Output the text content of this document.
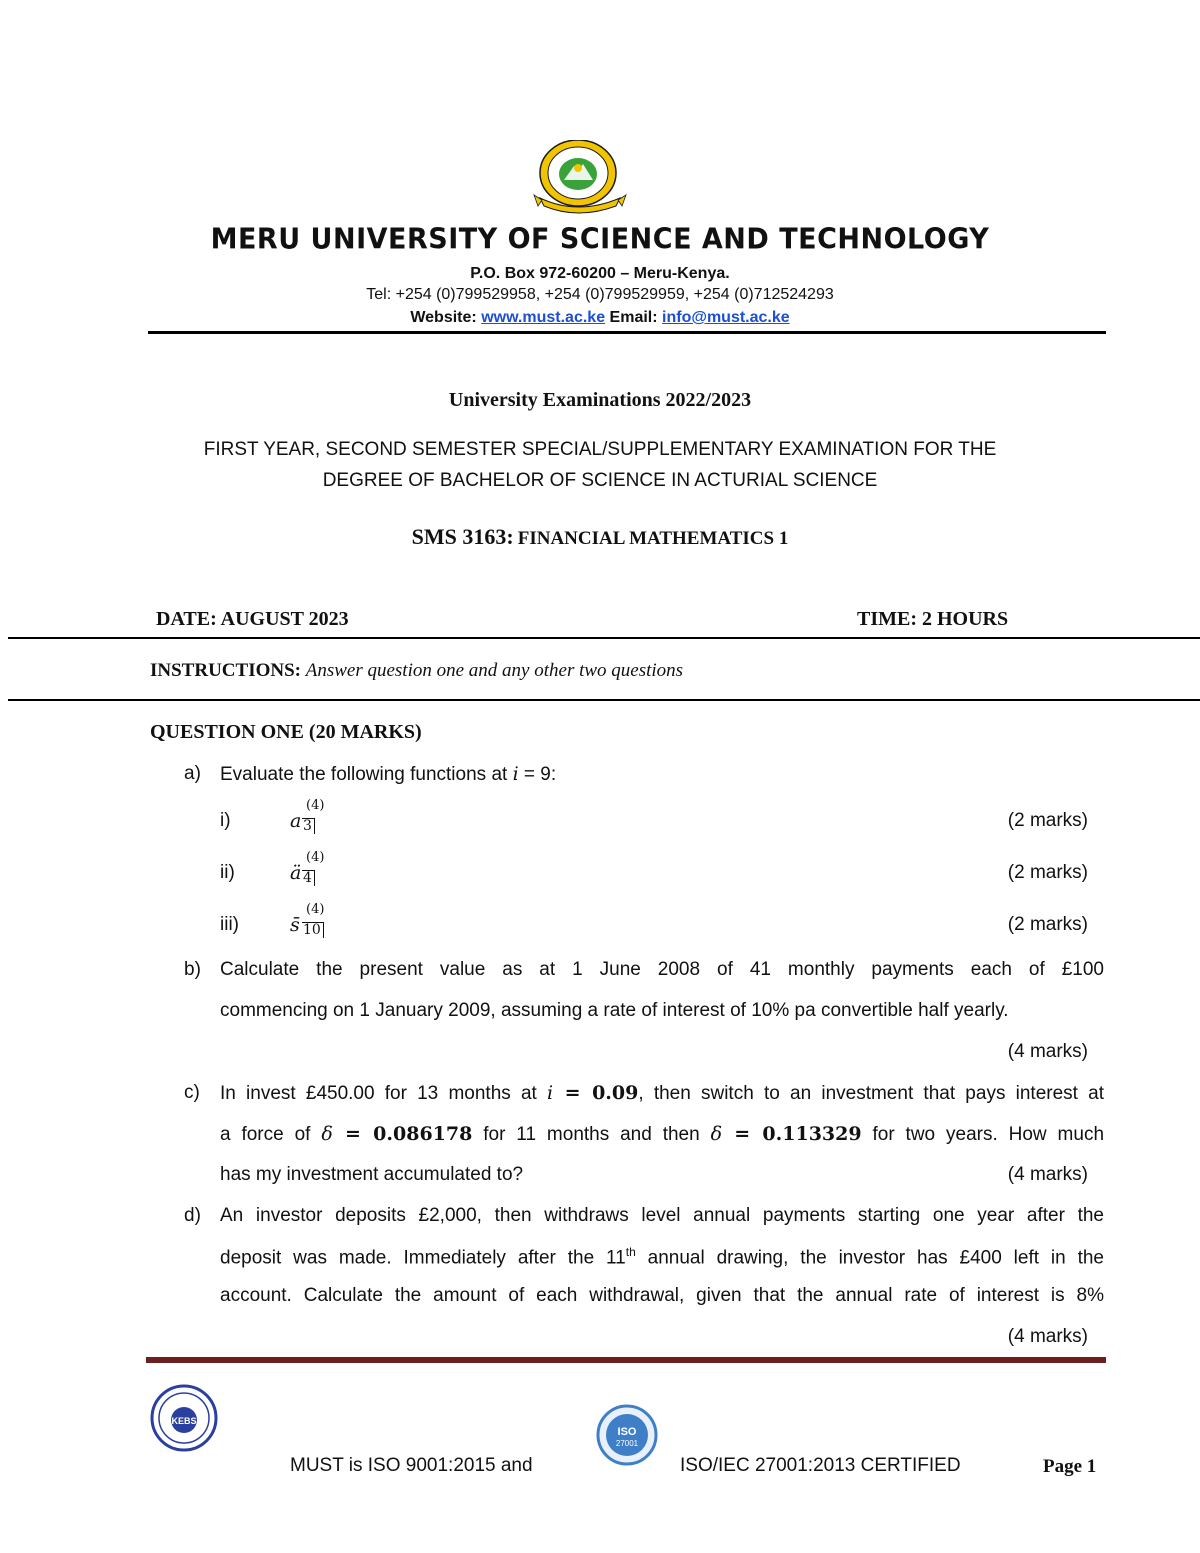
MERU UNIVERSITY OF SCIENCE AND TECHNOLOGY
P.O. Box 972-60200 – Meru-Kenya.
Tel: +254 (0)799529958, +254 (0)799529959, +254 (0)712524293
Website: www.must.ac.ke Email: info@must.ac.ke
University Examinations 2022/2023
FIRST YEAR, SECOND SEMESTER SPECIAL/SUPPLEMENTARY EXAMINATION FOR THE
DEGREE OF BACHELOR OF SCIENCE IN ACTURIAL SCIENCE
SMS 3163: FINANCIAL MATHEMATICS 1
DATE: AUGUST 2023	TIME: 2 HOURS
INSTRUCTIONS: Answer question one and any other two questions
QUESTION ONE (20 MARKS)
a) Evaluate the following functions at i = 9:
i)	a
(4)
3	(2 marks)
ii)	ä
(4)
4	(2 marks)
iii)	s̄
(4)
10	(2 marks)
b) Calculate the present value as at 1 June 2008 of 41 monthly payments each of £100
commencing on 1 January 2009, assuming a rate of interest of 10% pa convertible half yearly.
(4 marks)
c) In invest £450.00 for 13 months at i = 0.09, then switch to an investment that pays interest at
a force of δ = 0.086178 for 11 months and then δ = 0.113329 for two years. How much
has my investment accumulated to?	(4 marks)
d) An investor deposits £2,000, then withdraws level annual payments starting one year after the
deposit was made. Immediately after the 11th annual drawing, the investor has £400 left in the
account. Calculate the amount of each withdrawal, given that the annual rate of interest is 8%
(4 marks)
KEBS
ISO
27001
MUST is ISO 9001:2015 and	ISO/IEC 27001:2013 CERTIFIED	Page 1
